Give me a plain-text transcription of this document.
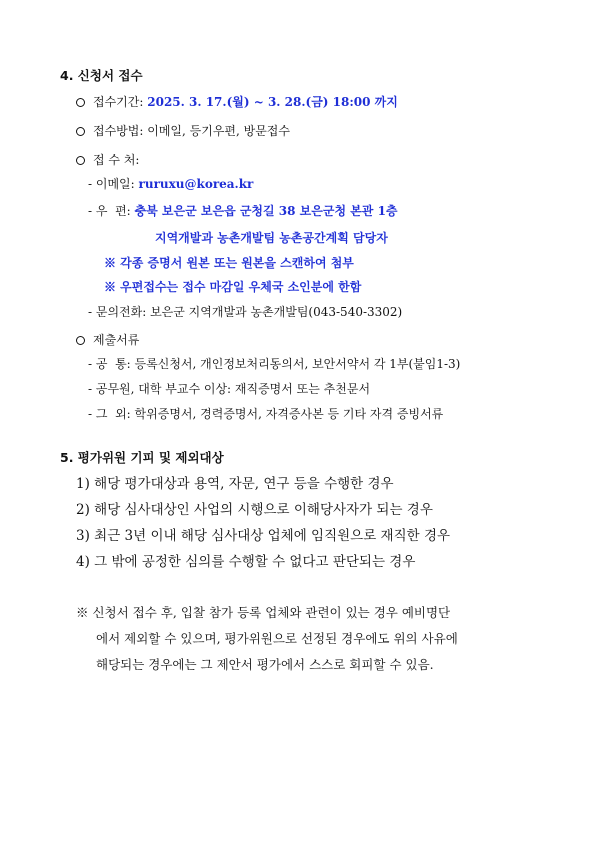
4. 신청서 접수
접수기간: 2025. 3. 17.(월) ~ 3. 28.(금) 18:00 까지
접수방법: 이메일, 등기우편, 방문접수
접 수 처:
- 이메일: ruruxu@korea.kr
- 우  편: 충북 보은군 보은읍 군청길 38 보은군청 본관 1층
지역개발과 농촌개발팀 농촌공간계획 담당자
※ 각종 증명서 원본 또는 원본을 스캔하여 첨부
※ 우편접수는 접수 마감일 우체국 소인분에 한함
- 문의전화: 보은군 지역개발과 농촌개발팀(043-540-3302)
제출서류
- 공  통: 등록신청서, 개인정보처리동의서, 보안서약서 각 1부(붙임1-3)
- 공무원, 대학 부교수 이상: 재직증명서 또는 추천문서
- 그  외: 학위증명서, 경력증명서, 자격증사본 등 기타 자격 증빙서류
5. 평가위원 기피 및 제외대상
1) 해당 평가대상과 용역, 자문, 연구 등을 수행한 경우
2) 해당 심사대상인 사업의 시행으로 이해당사자가 되는 경우
3) 최근 3년 이내 해당 심사대상 업체에 임직원으로 재직한 경우
4) 그 밖에 공정한 심의를 수행할 수 없다고 판단되는 경우
※ 신청서 접수 후, 입찰 참가 등록 업체와 관련이 있는 경우 예비명단
에서 제외할 수 있으며, 평가위원으로 선정된 경우에도 위의 사유에
해당되는 경우에는 그 제안서 평가에서 스스로 회피할 수 있음.
